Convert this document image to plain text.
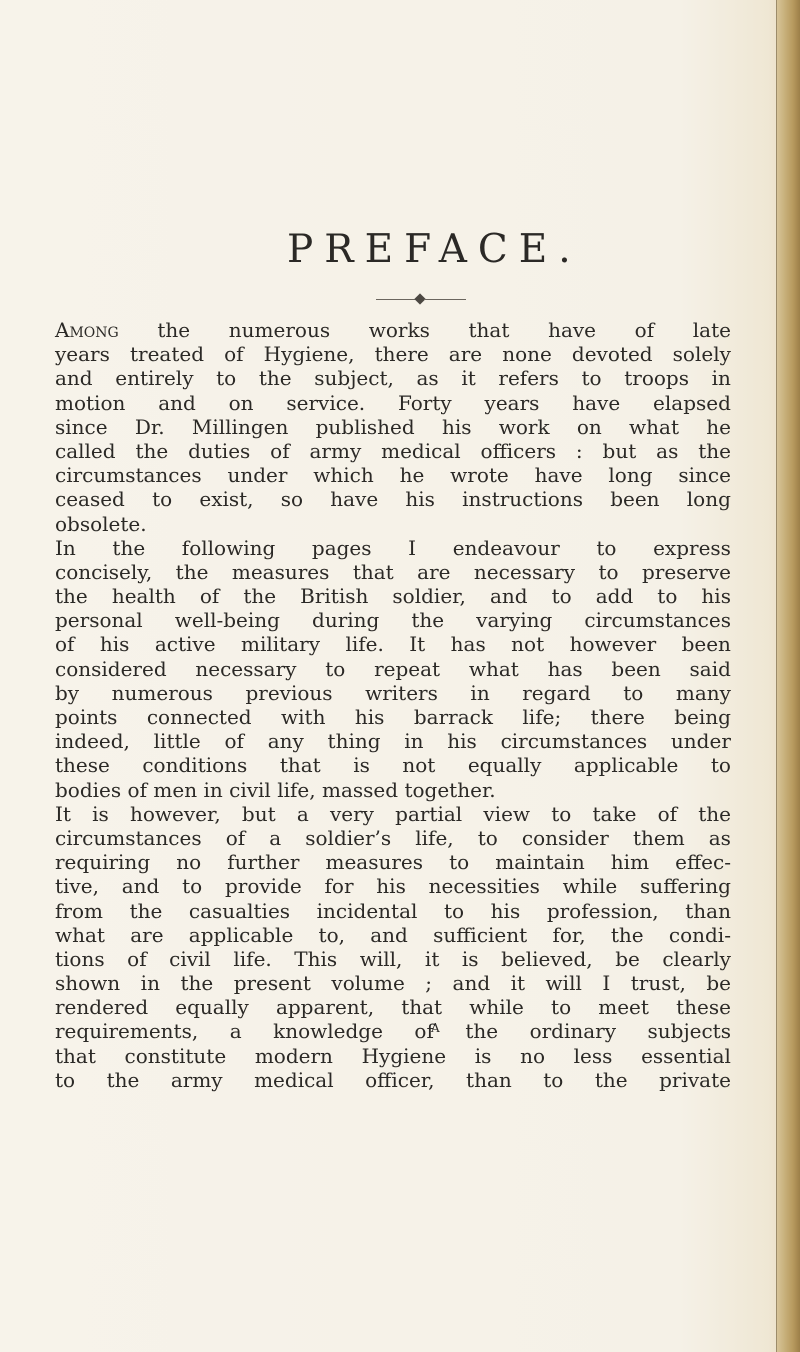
PREFACE.
Among the numerous works that have of late
years treated of Hygiene, there are none devoted solely
and entirely to the subject, as it refers to troops in
motion and on service. Forty years have elapsed
since Dr. Millingen published his work on what he
called the duties of army medical officers : but as the
circumstances under which he wrote have long since
ceased to exist, so have his instructions been long
obsolete.
In the following pages I endeavour to express
concisely, the measures that are necessary to preserve
the health of the British soldier, and to add to his
personal well-being during the varying circumstances
of his active military life. It has not however been
considered necessary to repeat what has been said
by numerous previous writers in regard to many
points connected with his barrack life; there being
indeed, little of any thing in his circumstances under
these conditions that is not equally applicable to
bodies of men in civil life, massed together.
It is however, but a very partial view to take of the
circumstances of a soldier’s life, to consider them as
requiring no further measures to maintain him effec-
tive, and to provide for his necessities while suffering
from the casualties incidental to his profession, than
what are applicable to, and sufficient for, the condi-
tions of civil life. This will, it is believed, be clearly
shown in the present volume ; and it will I trust, be
rendered equally apparent, that while to meet these
requirements, a knowledge of the ordinary subjects
that constitute modern Hygiene is no less essential
to the army medical officer, than to the private
A
